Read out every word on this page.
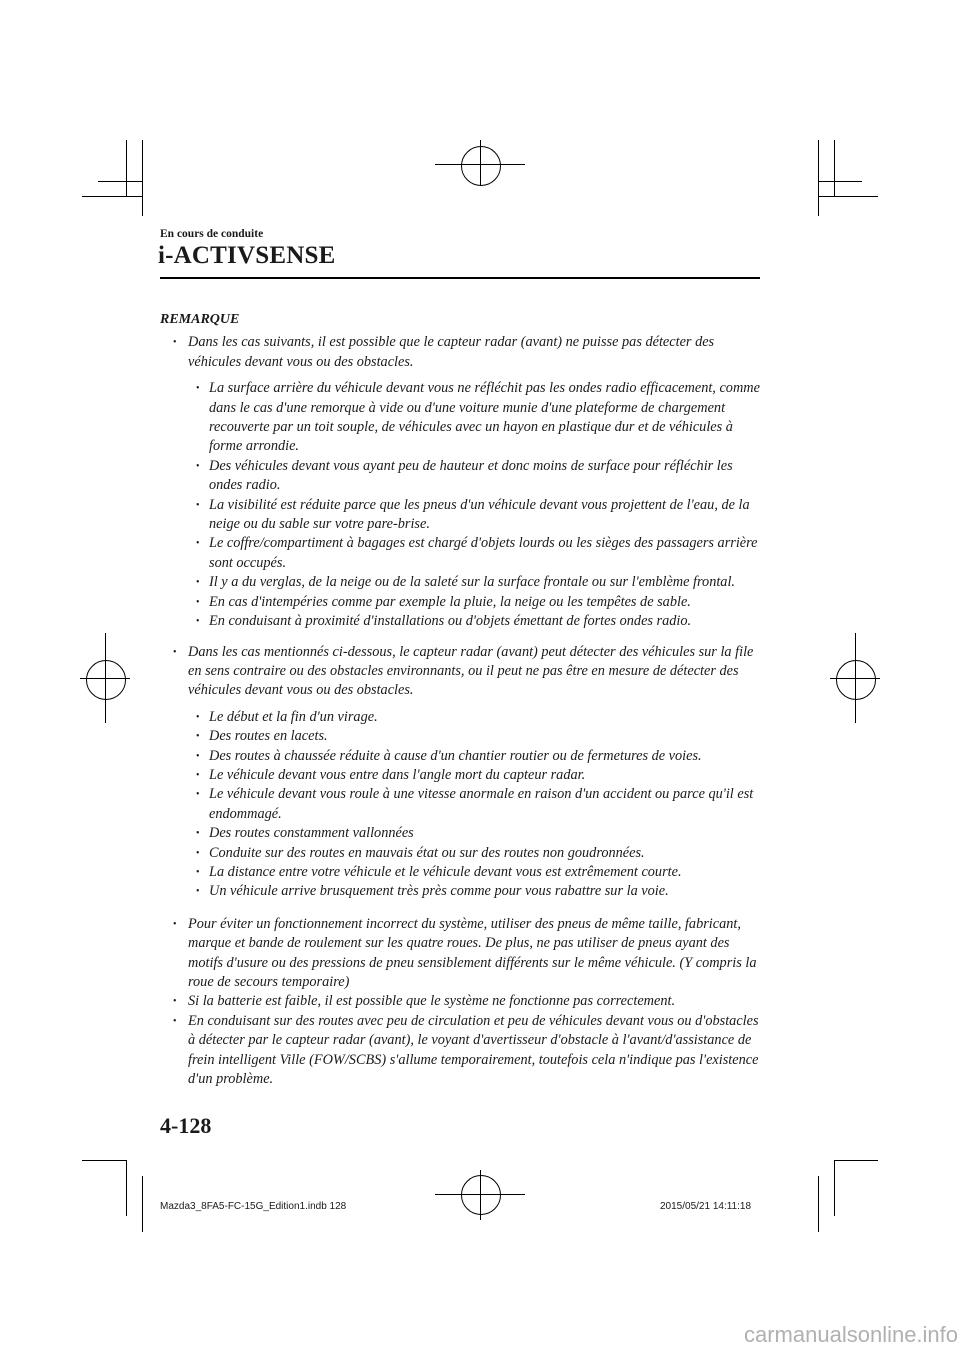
En cours de conduite
i-ACTIVSENSE
REMARQUE
• Dans les cas suivants, il est possible que le capteur radar (avant) ne puisse pas détecter des véhicules devant vous ou des obstacles.
• La surface arrière du véhicule devant vous ne réfléchit pas les ondes radio efficacement, comme dans le cas d'une remorque à vide ou d'une voiture munie d'une plateforme de chargement recouverte par un toit souple, de véhicules avec un hayon en plastique dur et de véhicules à forme arrondie.
• Des véhicules devant vous ayant peu de hauteur et donc moins de surface pour réfléchir les ondes radio.
• La visibilité est réduite parce que les pneus d'un véhicule devant vous projettent de l'eau, de la neige ou du sable sur votre pare-brise.
• Le coffre/compartiment à bagages est chargé d'objets lourds ou les sièges des passagers arrière sont occupés.
• Il y a du verglas, de la neige ou de la saleté sur la surface frontale ou sur l'emblème frontal.
• En cas d'intempéries comme par exemple la pluie, la neige ou les tempêtes de sable.
• En conduisant à proximité d'installations ou d'objets émettant de fortes ondes radio.
• Dans les cas mentionnés ci-dessous, le capteur radar (avant) peut détecter des véhicules sur la file en sens contraire ou des obstacles environnants, ou il peut ne pas être en mesure de détecter des véhicules devant vous ou des obstacles.
• Le début et la fin d'un virage.
• Des routes en lacets.
• Des routes à chaussée réduite à cause d'un chantier routier ou de fermetures de voies.
• Le véhicule devant vous entre dans l'angle mort du capteur radar.
• Le véhicule devant vous roule à une vitesse anormale en raison d'un accident ou parce qu'il est endommagé.
• Des routes constamment vallonnées
• Conduite sur des routes en mauvais état ou sur des routes non goudronnées.
• La distance entre votre véhicule et le véhicule devant vous est extrêmement courte.
• Un véhicule arrive brusquement très près comme pour vous rabattre sur la voie.
• Pour éviter un fonctionnement incorrect du système, utiliser des pneus de même taille, fabricant, marque et bande de roulement sur les quatre roues. De plus, ne pas utiliser de pneus ayant des motifs d'usure ou des pressions de pneu sensiblement différents sur le même véhicule. (Y compris la roue de secours temporaire)
• Si la batterie est faible, il est possible que le système ne fonctionne pas correctement.
• En conduisant sur des routes avec peu de circulation et peu de véhicules devant vous ou d'obstacles à détecter par le capteur radar (avant), le voyant d'avertisseur d'obstacle à l'avant/d'assistance de frein intelligent Ville (FOW/SCBS) s'allume temporairement, toutefois cela n'indique pas l'existence d'un problème.
4-128
Mazda3_8FA5-FC-15G_Edition1.indb 128	2015/05/21 14:11:18
carmanualsonline.info
